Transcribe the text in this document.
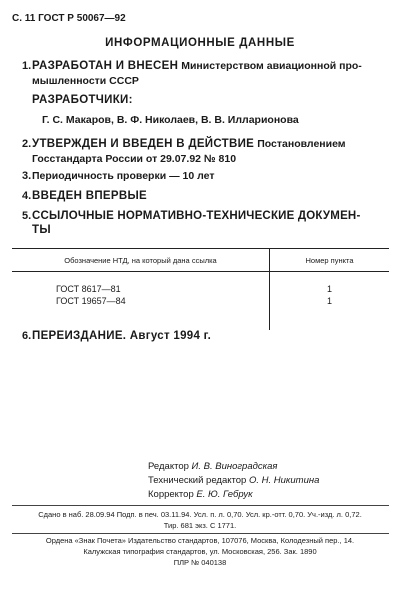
С. 11 ГОСТ Р 50067—92
ИНФОРМАЦИОННЫЕ ДАННЫЕ
1. РАЗРАБОТАН И ВНЕСЕН Министерством авиационной про-
мышленности СССР
РАЗРАБОТЧИКИ:
Г. С. Макаров, В. Ф. Николаев, В. В. Илларионова
2. УТВЕРЖДЕН И ВВЕДЕН В ДЕЙСТВИЕ Постановлением
Госстандарта России от 29.07.92 № 810
3. Периодичность проверки — 10 лет
4. ВВЕДЕН ВПЕРВЫЕ
5. ССЫЛОЧНЫЕ НОРМАТИВНО-ТЕХНИЧЕСКИЕ ДОКУМЕН-
ТЫ
Обозначение НТД, на который дана ссылка	Номер пункта

ГОСТ 8617—81	1
ГОСТ 19657—84	1

6. ПЕРЕИЗДАНИЕ. Август 1994 г.
Редактор И. В. Виноградская
Технический редактор О. Н. Никитина
Корректор Е. Ю. Гебрук
Сдано в наб. 28.09.94 Подп. в печ. 03.11.94. Усл. п. л. 0,70. Усл. кр.-отт. 0,70. Уч.-изд. л. 0,72.
Тир. 681 экз. С 1771.
Ордена «Знак Почета» Издательство стандартов, 107076, Москва, Колодезный пер., 14.
Калужская типография стандартов, ул. Московская, 256. Зак. 1890
ПЛР № 040138
